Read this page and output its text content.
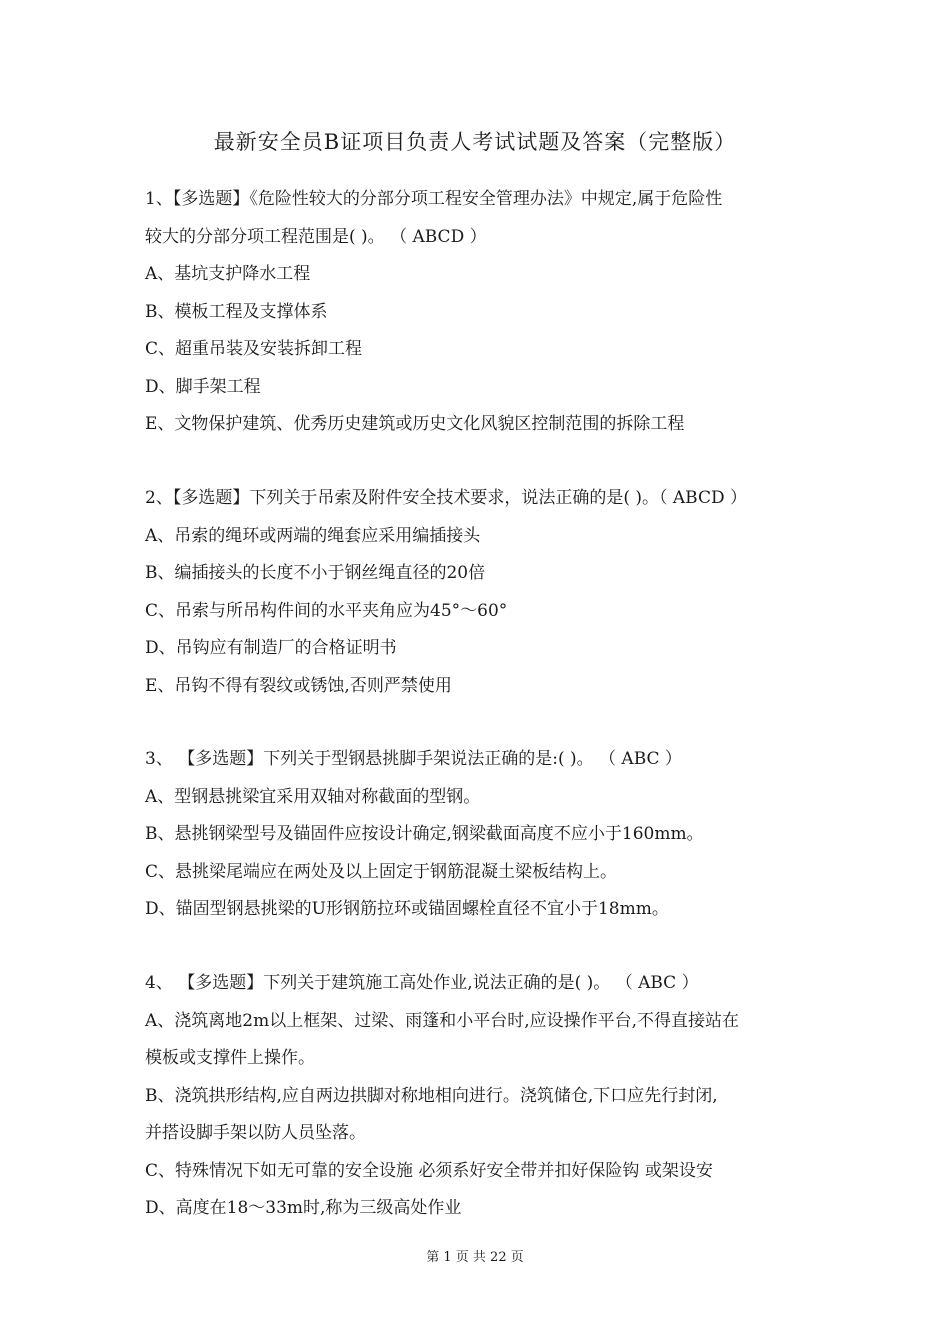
最新安全员B证项目负责人考试试题及答案（完整版）
1、【多选题】《危险性较大的分部分项工程安全管理办法》中规定,属于危险性
较大的分部分项工程范围是( )。 （ ABCD ）
A、基坑支护降水工程
B、模板工程及支撑体系
C、超重吊装及安装拆卸工程
D、脚手架工程
E、文物保护建筑、优秀历史建筑或历史文化风貌区控制范围的拆除工程
2、【多选题】下列关于吊索及附件安全技术要求，说法正确的是( )。（ ABCD ）
A、吊索的绳环或两端的绳套应采用编插接头
B、编插接头的长度不小于钢丝绳直径的20倍
C、吊索与所吊构件间的水平夹角应为45°～60°
D、吊钩应有制造厂的合格证明书
E、吊钩不得有裂纹或锈蚀,否则严禁使用
3、 【多选题】下列关于型钢悬挑脚手架说法正确的是:( )。 （ ABC ）
A、型钢悬挑梁宜采用双轴对称截面的型钢。
B、悬挑钢梁型号及锚固件应按设计确定,钢梁截面高度不应小于160mm。
C、悬挑梁尾端应在两处及以上固定于钢筋混凝土梁板结构上。
D、锚固型钢悬挑梁的U形钢筋拉环或锚固螺栓直径不宜小于18mm。
4、 【多选题】下列关于建筑施工高处作业,说法正确的是( )。 （ ABC ）
A、浇筑离地2m以上框架、过梁、雨篷和小平台时,应设操作平台,不得直接站在
模板或支撑件上操作。
B、浇筑拱形结构,应自两边拱脚对称地相向进行。浇筑储仓,下口应先行封闭,
并搭设脚手架以防人员坠落。
C、特殊情况下如无可靠的安全设施 必须系好安全带并扣好保险钩 或架设安
D、高度在18～33m时,称为三级高处作业
第 1 页 共 22 页
